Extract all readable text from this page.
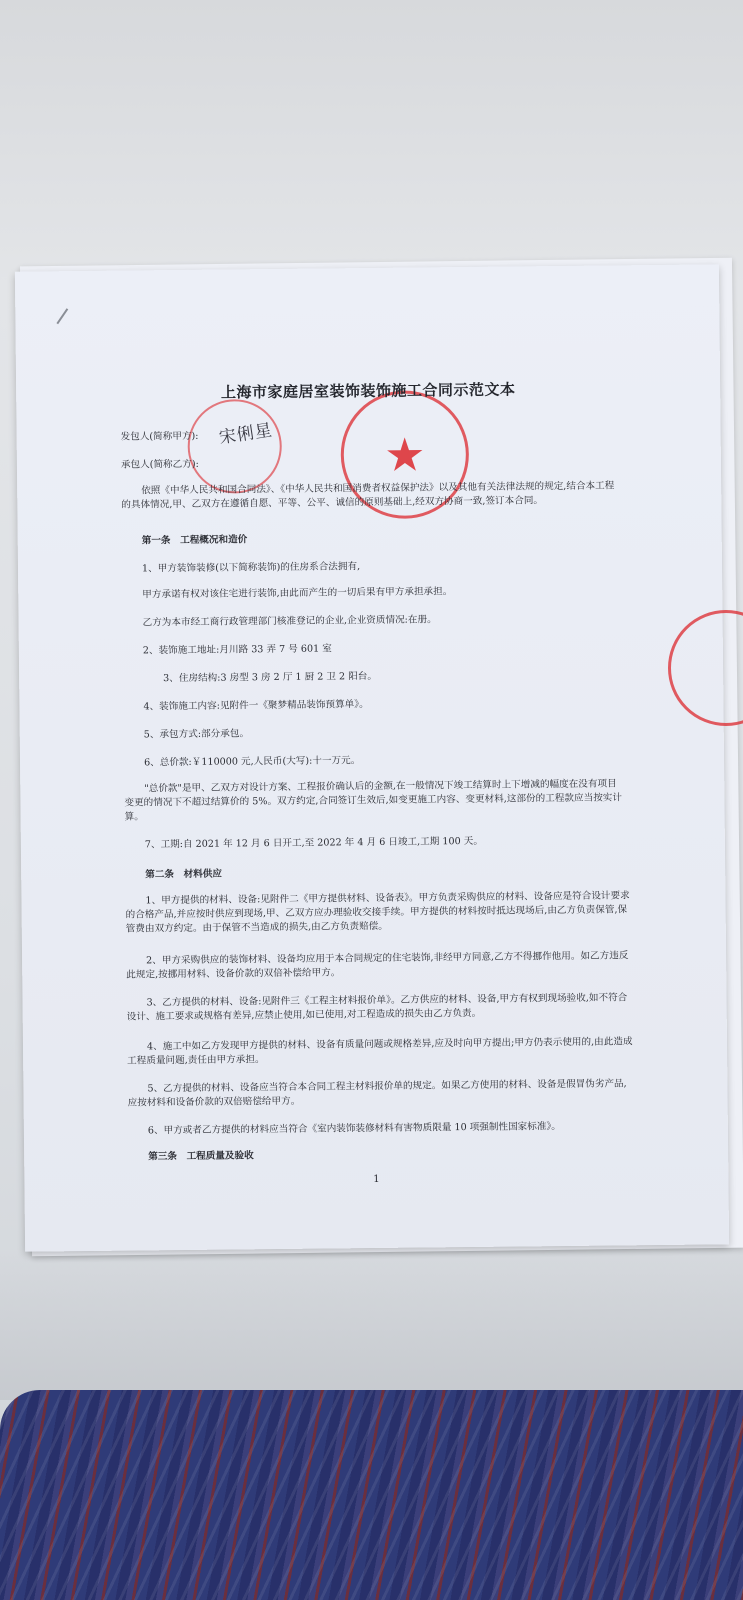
★
上海市家庭居室装饰装饰施工合同示范文本
发包人(简称甲方): 宋俐星
承包人(简称乙方):
依照《中华人民共和国合同法》、《中华人民共和国消费者权益保护法》以及其他有关法律法规的规定,结合本工程的具体情况,甲、乙双方在遵循自愿、平等、公平、诚信的原则基础上,经双方协商一致,签订本合同。
第一条　工程概况和造价
1、甲方装饰装修(以下简称装饰)的住房系合法拥有,
甲方承诺有权对该住宅进行装饰,由此而产生的一切后果有甲方承担承担。
乙方为本市经工商行政管理部门核准登记的企业,企业资质情况:在册。
2、装饰施工地址:月川路 33 弄 7 号 601 室
3、住房结构:3 房型 3 房 2 厅 1 厨 2 卫 2 阳台。
4、装饰施工内容:见附件一《聚梦精品装饰预算单》。
5、承包方式:部分承包。
6、总价款:￥110000 元,人民币(大写):十一万元。
"总价款"是甲、乙双方对设计方案、工程报价确认后的金额,在一般情况下竣工结算时上下增减的幅度在没有项目变更的情况下不超过结算价的 5%。双方约定,合同签订生效后,如变更施工内容、变更材料,这部份的工程款应当按实计算。
7、工期:自 2021 年 12 月 6 日开工,至 2022 年 4 月 6 日竣工,工期 100 天。
第二条　材料供应
1、甲方提供的材料、设备:见附件二《甲方提供材料、设备表》。甲方负责采购供应的材料、设备应是符合设计要求的合格产品,并应按时供应到现场,甲、乙双方应办理验收交接手续。甲方提供的材料按时抵达现场后,由乙方负责保管,保管费由双方约定。由于保管不当造成的损失,由乙方负责赔偿。
2、甲方采购供应的装饰材料、设备均应用于本合同规定的住宅装饰,非经甲方同意,乙方不得挪作他用。如乙方违反此规定,按挪用材料、设备价款的双倍补偿给甲方。
3、乙方提供的材料、设备:见附件三《工程主材料报价单》。乙方供应的材料、设备,甲方有权到现场验收,如不符合设计、施工要求或规格有差异,应禁止使用,如已使用,对工程造成的损失由乙方负责。
4、施工中如乙方发现甲方提供的材料、设备有质量问题或规格差异,应及时向甲方提出;甲方仍表示使用的,由此造成工程质量问题,责任由甲方承担。
5、乙方提供的材料、设备应当符合本合同工程主材料报价单的规定。如果乙方使用的材料、设备是假冒伪劣产品,应按材料和设备价款的双倍赔偿给甲方。
6、甲方或者乙方提供的材料应当符合《室内装饰装修材料有害物质限量 10 项强制性国家标准》。
第三条　工程质量及验收
1
